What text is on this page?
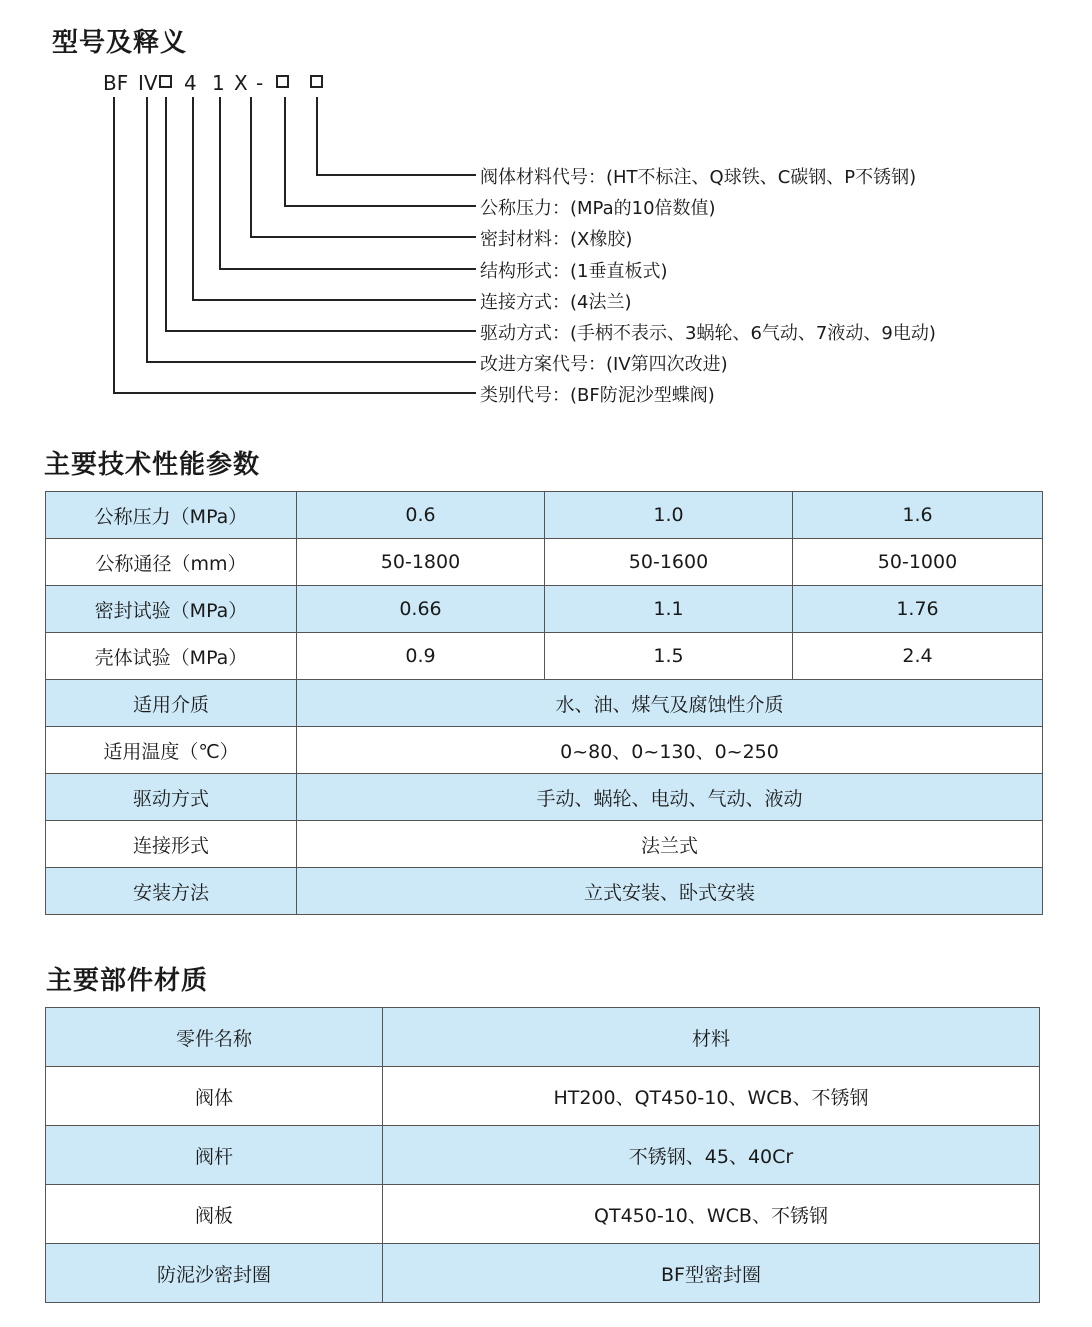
型号及释义
BF IV 4 1 X -
阀体材料代号：(HT不标注、Q球铁、C碳钢、P不锈钢)
公称压力：(MPa的10倍数值)
密封材料：(X橡胶)
结构形式：(1垂直板式)
连接方式：(4法兰)
驱动方式：(手柄不表示、3蜗轮、6气动、7液动、9电动)
改进方案代号：(IV第四次改进)
类别代号：(BF防泥沙型蝶阀)
主要技术性能参数
公称压力（MPa）	0.6	1.0	1.6
公称通径（mm）	50-1800	50-1600	50-1000
密封试验（MPa）	0.66	1.1	1.76
壳体试验（MPa）	0.9	1.5	2.4
适用介质	水、油、煤气及腐蚀性介质		
适用温度（℃）	0~80、0~130、0~250		
驱动方式	手动、蜗轮、电动、气动、液动		
连接形式	法兰式		
安装方法	立式安装、卧式安装		
主要部件材质
零件名称	材料
阀体	HT200、QT450-10、WCB、不锈钢
阀杆	不锈钢、45、40Cr
阀板	QT450-10、WCB、不锈钢
防泥沙密封圈	BF型密封圈
